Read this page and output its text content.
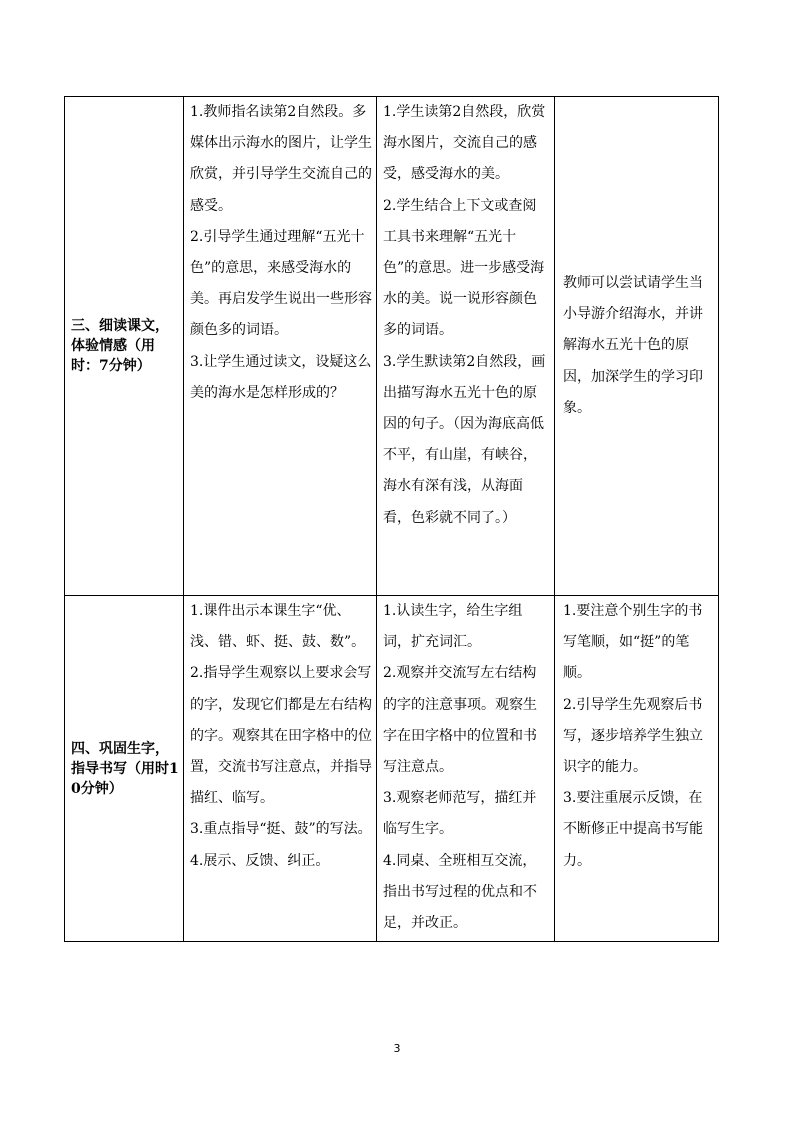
三、细读课文，体验情感（用时：7分钟）	1.教师指名读第2自然段。多媒体出示海水的图片，让学生欣赏，并引导学生交流自己的感受。
2.引导学生通过理解“五光十色”的意思，来感受海水的美。再启发学生说出一些形容颜色多的词语。
3.让学生通过读文，设疑这么美的海水是怎样形成的？	1.学生读第2自然段，欣赏海水图片，交流自己的感受，感受海水的美。
2.学生结合上下文或查阅工具书来理解“五光十色”的意思。进一步感受海水的美。说一说形容颜色多的词语。
3.学生默读第2自然段，画出描写海水五光十色的原因的句子。（因为海底高低不平，有山崖，有峡谷，海水有深有浅，从海面看，色彩就不同了。）	教师可以尝试请学生当小导游介绍海水，并讲解海水五光十色的原因，加深学生的学习印象。

四、巩固生字，指导书写（用时10分钟）	1.课件出示本课生字“优、浅、错、虾、挺、鼓、数”。2.指导学生观察以上要求会写的字，发现它们都是左右结构的字。观察其在田字格中的位置，交流书写注意点，并指导描红、临写。
3.重点指导“挺、鼓”的写法。
4.展示、反馈、纠正。	1.认读生字，给生字组词，扩充词汇。
2.观察并交流写左右结构的字的注意事项。观察生字在田字格中的位置和书写注意点。
3.观察老师范写，描红并临写生字。
4.同桌、全班相互交流，指出书写过程的优点和不足，并改正。	1.要注意个别生字的书写笔顺，如“挺”的笔顺。
2.引导学生先观察后书写，逐步培养学生独立识字的能力。
3.要注重展示反馈，在不断修正中提高书写能力。
3
